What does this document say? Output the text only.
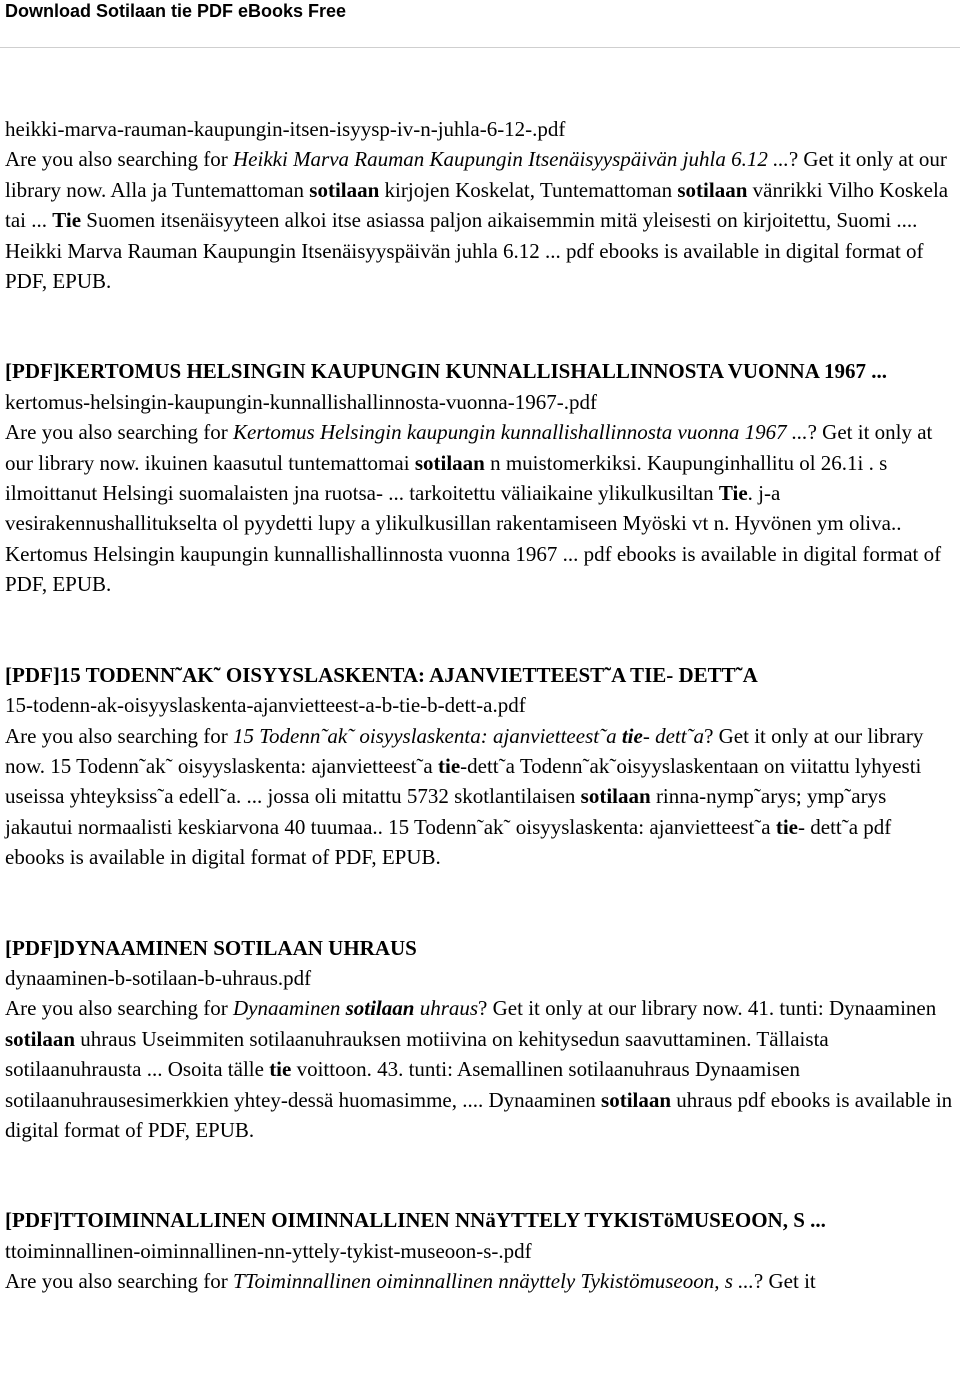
Download Sotilaan tie PDF eBooks Free
heikki-marva-rauman-kaupungin-itsen-isyysp-iv-n-juhla-6-12-.pdf
Are you also searching for Heikki Marva Rauman Kaupungin Itsenäisyyspäivän juhla 6.12 ...? Get it only at our library now. Alla ja Tuntemattoman sotilaan kirjojen Koskelat, Tuntemattoman sotilaan vänrikki Vilho Koskela tai ... Tie Suomen itsenäisyyteen alkoi itse asiassa paljon aikaisemmin mitä yleisesti on kirjoitettu, Suomi .... Heikki Marva Rauman Kaupungin Itsenäisyyspäivän juhla 6.12 ... pdf ebooks is available in digital format of PDF, EPUB.
[PDF]KERTOMUS HELSINGIN KAUPUNGIN KUNNALLISHALLINNOSTA VUONNA 1967 ...
kertomus-helsingin-kaupungin-kunnallishallinnosta-vuonna-1967-.pdf
Are you also searching for Kertomus Helsingin kaupungin kunnallishallinnosta vuonna 1967 ...? Get it only at our library now. ikuinen kaasutul tuntemattomai sotilaan n muistomerkiksi. Kaupunginhallitu ol 26.1i . s ilmoittanut Helsingi suomalaisten jna ruotsa- ... tarkoitettu väliaikaine ylikulkusiltan Tie. j-a vesirakennushallitukselta ol pyydetti lupy a ylikulkusillan rakentamiseen Myöski vt n. Hyvönen ym oliva.. Kertomus Helsingin kaupungin kunnallishallinnosta vuonna 1967 ... pdf ebooks is available in digital format of PDF, EPUB.
[PDF]15 TODENN˜AK˜ OISYYSLASKENTA: AJANVIETTEEST˜A TIE- DETT˜A
15-todenn-ak-oisyyslaskenta-ajanvietteest-a-b-tie-b-dett-a.pdf
Are you also searching for 15 Todenn˜ak˜ oisyyslaskenta: ajanvietteest˜a tie- dett˜a? Get it only at our library now. 15 Todenn˜ak˜ oisyyslaskenta: ajanvietteest˜a tie-dett˜a Todenn˜ak˜oisyyslaskentaan on viitattu lyhyesti useissa yhteyksiss˜a edell˜a. ... jossa oli mitattu 5732 skotlantilaisen sotilaan rinna-nymp˜arys; ymp˜arys jakautui normaalisti keskiarvona 40 tuumaa.. 15 Todenn˜ak˜ oisyyslaskenta: ajanvietteest˜a tie- dett˜a pdf ebooks is available in digital format of PDF, EPUB.
[PDF]DYNAAMINEN SOTILAAN UHRAUS
dynaaminen-b-sotilaan-b-uhraus.pdf
Are you also searching for Dynaaminen sotilaan uhraus? Get it only at our library now. 41. tunti: Dynaaminen sotilaan uhraus Useimmiten sotilaanuhrauksen motiivina on kehitysedun saavuttaminen. Tällaista sotilaanuhrausta ... Osoita tälle tie voittoon. 43. tunti: Asemallinen sotilaanuhraus Dynaamisen sotilaanuhrausesimerkkien yhtey-dessä huomasimme, .... Dynaaminen sotilaan uhraus pdf ebooks is available in digital format of PDF, EPUB.
[PDF]TTOIMINNALLINEN OIMINNALLINEN NNäYTTELY TYKISTöMUSEOON, S ...
ttoiminnallinen-oiminnallinen-nn-yttely-tykist-museoon-s-.pdf
Are you also searching for TToiminnallinen oiminnallinen nnäyttely Tykistömuseoon, s ...? Get it
